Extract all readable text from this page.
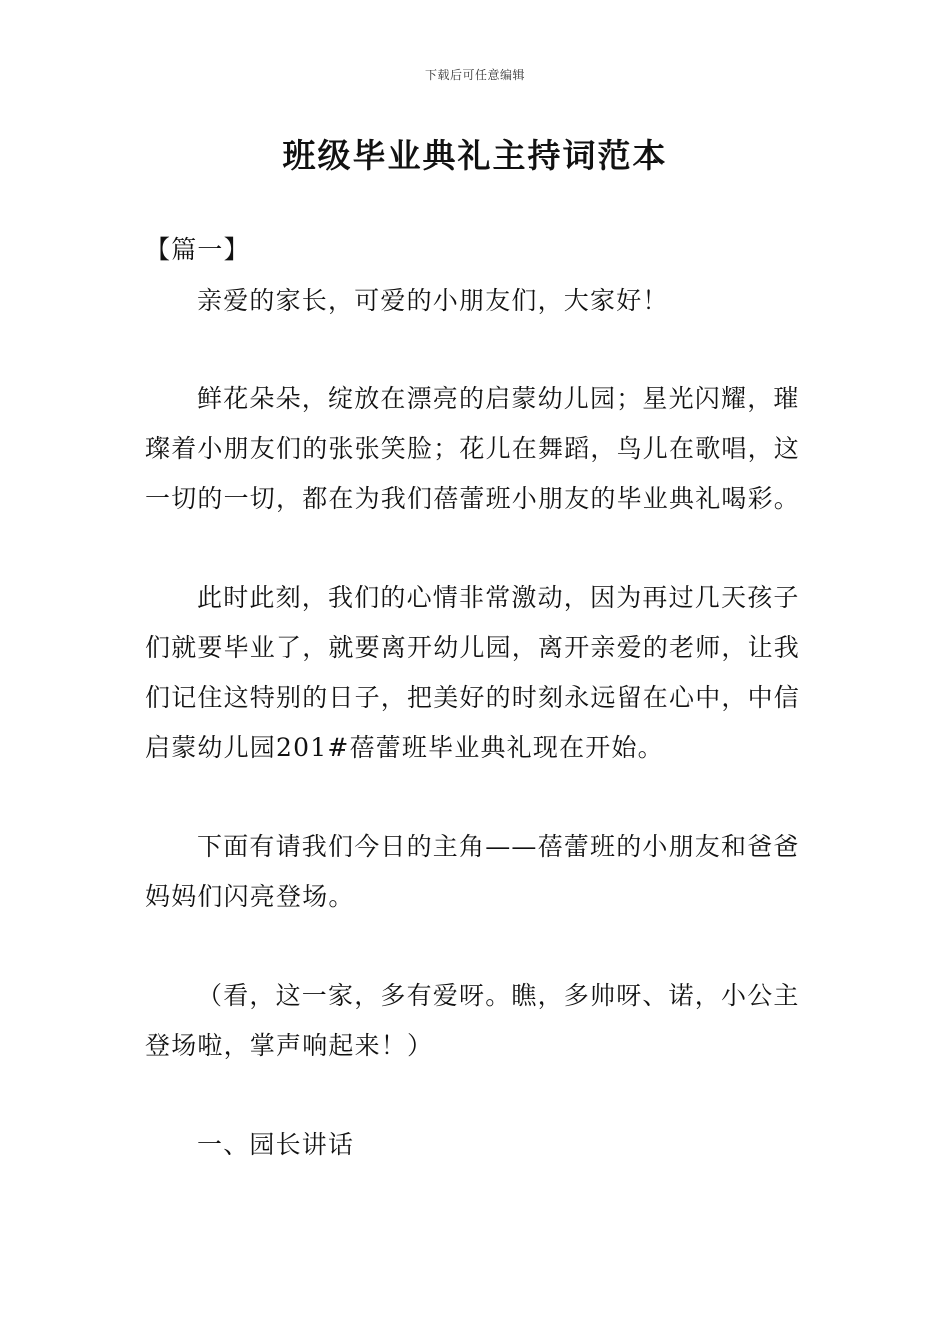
下载后可任意编辑
班级毕业典礼主持词范本

【篇一】

亲爱的家长，可爱的小朋友们，大家好！

鲜花朵朵，绽放在漂亮的启蒙幼儿园；星光闪耀，璀璨着小朋友们的张张笑脸；花儿在舞蹈，鸟儿在歌唱，这一切的一切，都在为我们蓓蕾班小朋友的毕业典礼喝彩。

此时此刻，我们的心情非常激动，因为再过几天孩子们就要毕业了，就要离开幼儿园，离开亲爱的老师，让我们记住这特别的日子，把美好的时刻永远留在心中，中信启蒙幼儿园201#蓓蕾班毕业典礼现在开始。

下面有请我们今日的主角——蓓蕾班的小朋友和爸爸妈妈们闪亮登场。

（看，这一家，多有爱呀。瞧，多帅呀、诺，小公主登场啦，掌声响起来！）

一、园长讲话
